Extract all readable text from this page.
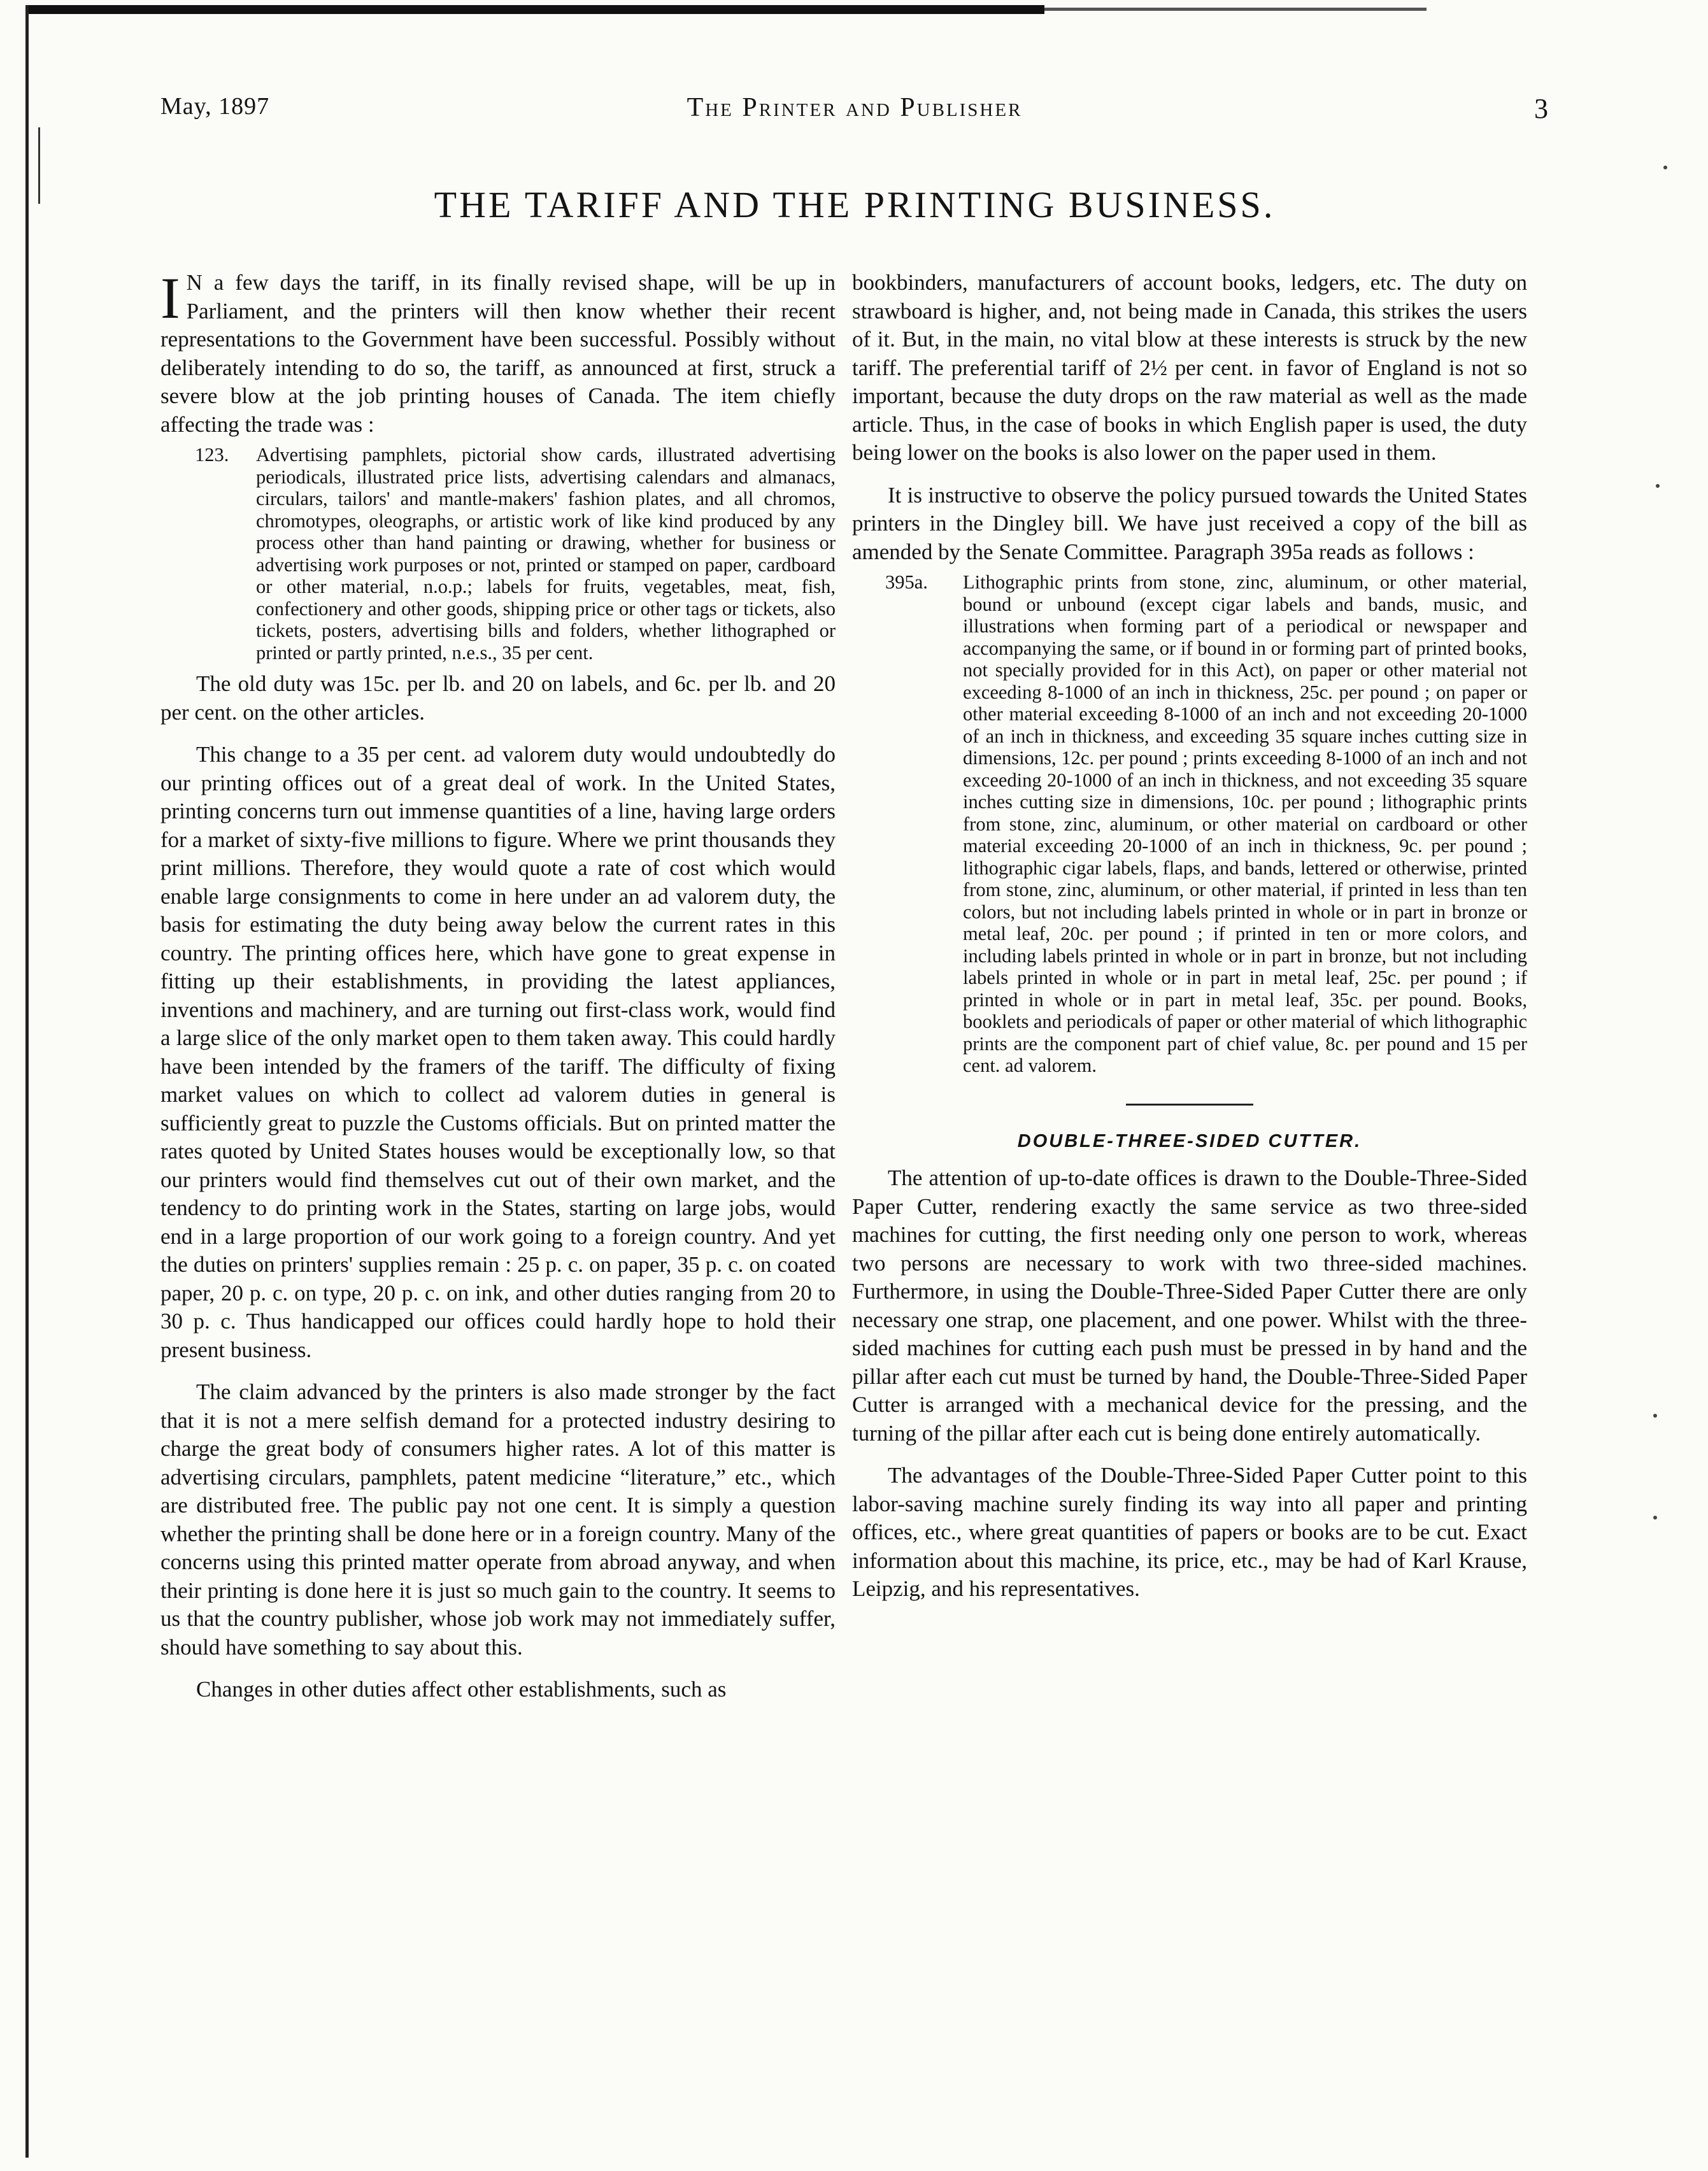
May, 1897	The Printer and Publisher	3
THE TARIFF AND THE PRINTING BUSINESS.

I N a few days the tariff, in its finally revised shape, will be up in Parliament, and the printers will then know whether their recent representations to the Government have been successful. Possibly without deliberately intending to do so, the tariff, as announced at first, struck a severe blow at the job printing houses of Canada. The item chiefly affecting the trade was :

123. Advertising pamphlets, pictorial show cards, illustrated advertising periodicals, illustrated price lists, advertising calendars and almanacs, circulars, tailors' and mantle-makers' fashion plates, and all chromos, chromotypes, oleographs, or artistic work of like kind produced by any process other than hand painting or drawing, whether for business or advertising work purposes or not, printed or stamped on paper, cardboard or other material, n.o.p.; labels for fruits, vegetables, meat, fish, confectionery and other goods, shipping price or other tags or tickets, also tickets, posters, advertising bills and folders, whether lithographed or printed or partly printed, n.e.s., 35 per cent.

The old duty was 15c. per lb. and 20 on labels, and 6c. per lb. and 20 per cent. on the other articles.

This change to a 35 per cent. ad valorem duty would undoubtedly do our printing offices out of a great deal of work. In the United States, printing concerns turn out immense quantities of a line, having large orders for a market of sixty-five millions to figure. Where we print thousands they print millions. Therefore, they would quote a rate of cost which would enable large consignments to come in here under an ad valorem duty, the basis for estimating the duty being away below the current rates in this country. The printing offices here, which have gone to great expense in fitting up their establishments, in providing the latest appliances, inventions and machinery, and are turning out first-class work, would find a large slice of the only market open to them taken away. This could hardly have been intended by the framers of the tariff. The difficulty of fixing market values on which to collect ad valorem duties in general is sufficiently great to puzzle the Customs officials. But on printed matter the rates quoted by United States houses would be exceptionally low, so that our printers would find themselves cut out of their own market, and the tendency to do printing work in the States, starting on large jobs, would end in a large proportion of our work going to a foreign country. And yet the duties on printers' supplies remain : 25 p. c. on paper, 35 p. c. on coated paper, 20 p. c. on type, 20 p. c. on ink, and other duties ranging from 20 to 30 p. c. Thus handicapped our offices could hardly hope to hold their present business.

The claim advanced by the printers is also made stronger by the fact that it is not a mere selfish demand for a protected industry desiring to charge the great body of consumers higher rates. A lot of this matter is advertising circulars, pamphlets, patent medicine “literature,” etc., which are distributed free. The public pay not one cent. It is simply a question whether the printing shall be done here or in a foreign country. Many of the concerns using this printed matter operate from abroad anyway, and when their printing is done here it is just so much gain to the country. It seems to us that the country publisher, whose job work may not immediately suffer, should have something to say about this.

Changes in other duties affect other establishments, such as

bookbinders, manufacturers of account books, ledgers, etc. The duty on strawboard is higher, and, not being made in Canada, this strikes the users of it. But, in the main, no vital blow at these interests is struck by the new tariff. The preferential tariff of 2½ per cent. in favor of England is not so important, because the duty drops on the raw material as well as the made article. Thus, in the case of books in which English paper is used, the duty being lower on the books is also lower on the paper used in them.

It is instructive to observe the policy pursued towards the United States printers in the Dingley bill. We have just received a copy of the bill as amended by the Senate Committee. Paragraph 395a reads as follows :

395a. Lithographic prints from stone, zinc, aluminum, or other material, bound or unbound (except cigar labels and bands, music, and illustrations when forming part of a periodical or newspaper and accompanying the same, or if bound in or forming part of printed books, not specially provided for in this Act), on paper or other material not exceeding 8-1000 of an inch in thickness, 25c. per pound ; on paper or other material exceeding 8-1000 of an inch and not exceeding 20-1000 of an inch in thickness, and exceeding 35 square inches cutting size in dimensions, 12c. per pound ; prints exceeding 8-1000 of an inch and not exceeding 20-1000 of an inch in thickness, and not exceeding 35 square inches cutting size in dimensions, 10c. per pound ; lithographic prints from stone, zinc, aluminum, or other material on cardboard or other material exceeding 20-1000 of an inch in thickness, 9c. per pound ; lithographic cigar labels, flaps, and bands, lettered or otherwise, printed from stone, zinc, aluminum, or other material, if printed in less than ten colors, but not including labels printed in whole or in part in bronze or metal leaf, 20c. per pound ; if printed in ten or more colors, and including labels printed in whole or in part in bronze, but not including labels printed in whole or in part in metal leaf, 25c. per pound ; if printed in whole or in part in metal leaf, 35c. per pound. Books, booklets and periodicals of paper or other material of which lithographic prints are the component part of chief value, 8c. per pound and 15 per cent. ad valorem.
DOUBLE-THREE-SIDED CUTTER.

The attention of up-to-date offices is drawn to the Double-Three-Sided Paper Cutter, rendering exactly the same service as two three-sided machines for cutting, the first needing only one person to work, whereas two persons are necessary to work with two three-sided machines. Furthermore, in using the Double-Three-Sided Paper Cutter there are only necessary one strap, one placement, and one power. Whilst with the three-sided machines for cutting each push must be pressed in by hand and the pillar after each cut must be turned by hand, the Double-Three-Sided Paper Cutter is arranged with a mechanical device for the pressing, and the turning of the pillar after each cut is being done entirely automatically.

The advantages of the Double-Three-Sided Paper Cutter point to this labor-saving machine surely finding its way into all paper and printing offices, etc., where great quantities of papers or books are to be cut. Exact information about this machine, its price, etc., may be had of Karl Krause, Leipzig, and his representatives.
